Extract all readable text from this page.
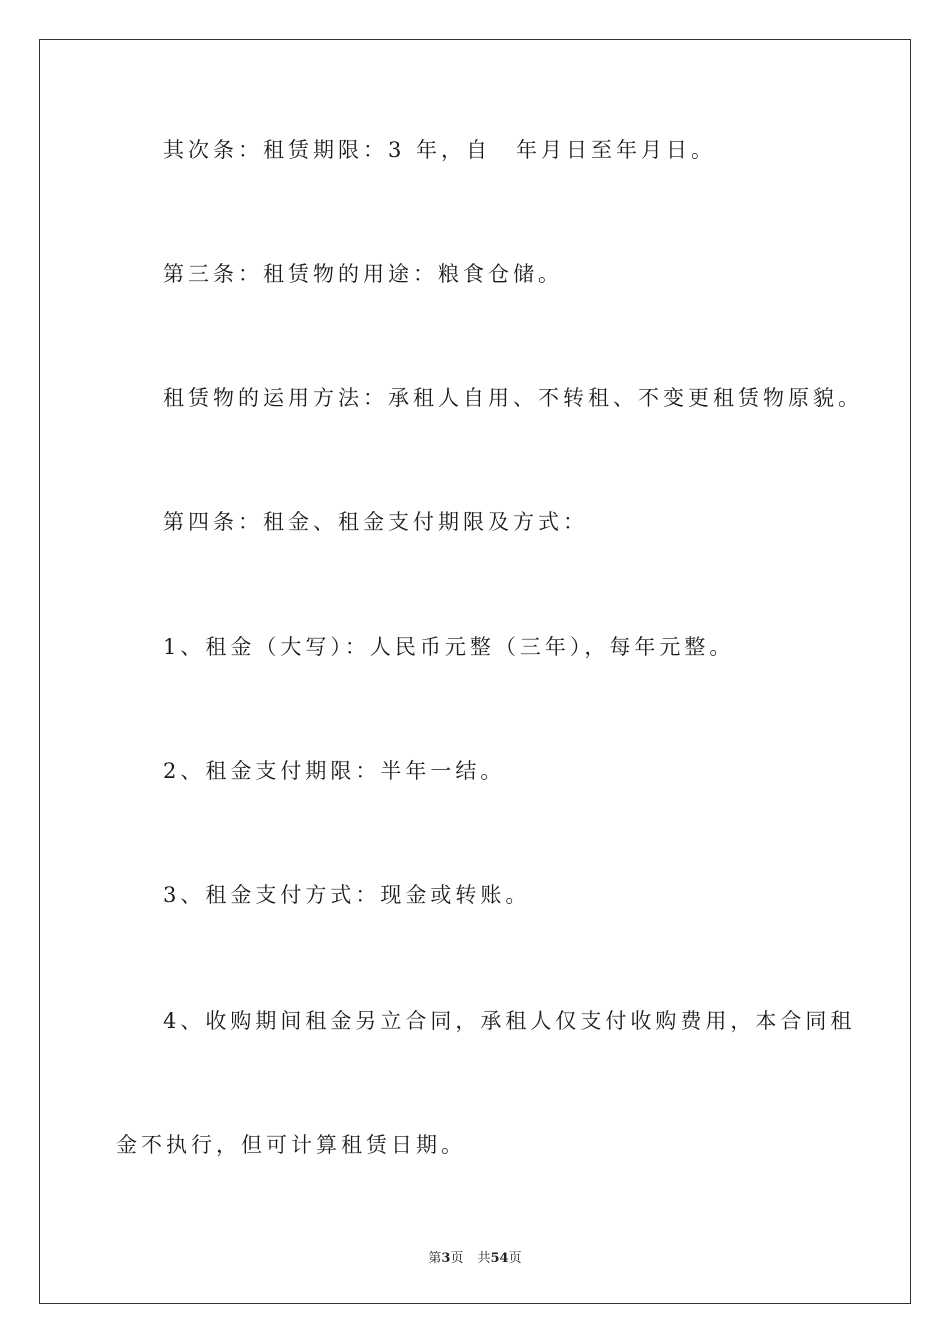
其次条：租赁期限：3 年，自　年月日至年月日。
第三条：租赁物的用途：粮食仓储。
租赁物的运用方法：承租人自用、不转租、不变更租赁物原貌。
第四条：租金、租金支付期限及方式：
1、租金（大写）：人民币元整（三年），每年元整。
2、租金支付期限：半年一结。
3、租金支付方式：现金或转账。
4、收购期间租金另立合同，承租人仅支付收购费用，本合同租
金不执行，但可计算租赁日期。
第3页 共54页
